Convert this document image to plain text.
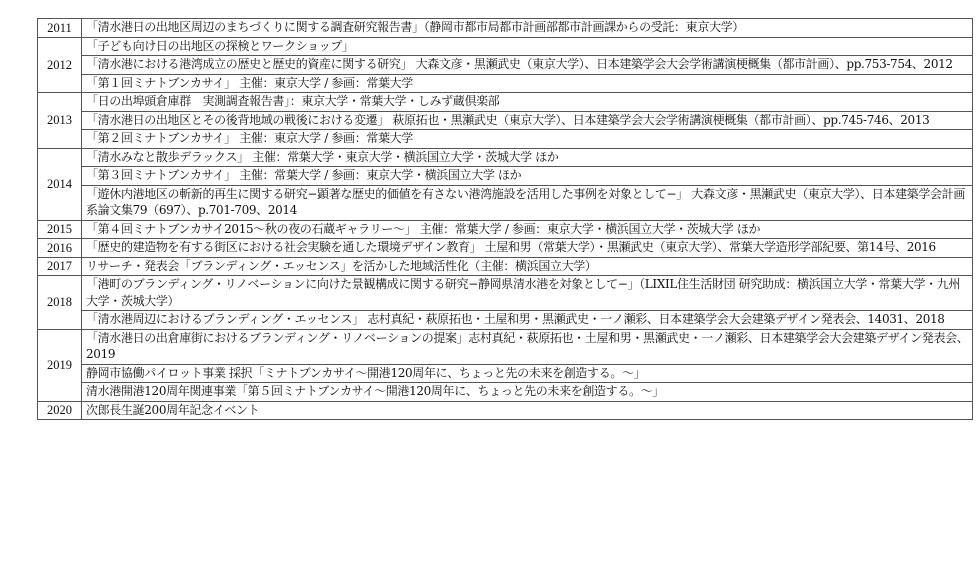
2011	「清水港日の出地区周辺のまちづくりに関する調査研究報告書」（静岡市都市局都市計画部都市計画課からの受託：東京大学）

2012	「子ども向け日の出地区の探検とワークショップ」
「清水港における港湾成立の歴史と歴史的資産に関する研究」 大森文彦・黒瀬武史（東京大学）、日本建築学会大会学術講演梗概集（都市計画）、pp.753-754、2012
「第１回ミナトブンカサイ」 主催：東京大学 / 参画：常葉大学

2013	「日の出埠頭倉庫群　実測調査報告書」：東京大学・常葉大学・しみず蔵倶楽部
「清水港日の出地区とその後背地域の戦後における変遷」 萩原拓也・黒瀬武史（東京大学）、日本建築学会大会学術講演梗概集（都市計画）、pp.745-746、2013
「第２回ミナトブンカサイ」 主催：東京大学 / 参画：常葉大学

2014	「清水みなと散歩デラックス」 主催：常葉大学・東京大学・横浜国立大学・茨城大学 ほか
「第３回ミナトブンカサイ」 主催：常葉大学 / 参画：東京大学・横浜国立大学 ほか
「遊休内港地区の斬新的再生に関する研究−顕著な歴史的価値を有さない港湾施設を活用した事例を対象として−」 大森文彦・黒瀬武史（東京大学）、日本建築学会計画系論文集79（697）、p.701-709、2014

2015	「第４回ミナトブンカサイ2015〜秋の夜の石蔵ギャラリー〜」 主催：常葉大学 / 参画：東京大学・横浜国立大学・茨城大学 ほか

2016	「歴史的建造物を有する街区における社会実験を通した環境デザイン教育」 土屋和男（常葉大学）・黒瀬武史（東京大学）、常葉大学造形学部紀要、第14号、2016

2017	リサーチ・発表会「ブランディング・エッセンス」を活かした地域活性化（主催：横浜国立大学）

2018	「港町のブランディング・リノベーションに向けた景観構成に関する研究−静岡県清水港を対象として−」（LIXIL住生活財団 研究助成：横浜国立大学・常葉大学・九州大学・茨城大学）
「清水港周辺におけるブランディング・エッセンス」 志村真紀・萩原拓也・土屋和男・黒瀬武史・一ノ瀬彩、日本建築学会大会建築デザイン発表会、14031、2018

2019	「清水港日の出倉庫街におけるブランディング・リノベーションの提案」志村真紀・萩原拓也・土屋和男・黒瀬武史・一ノ瀬彩、日本建築学会大会建築デザイン発表会、2019
静岡市協働パイロット事業 採択「ミナトブンカサイ〜開港120周年に、ちょっと先の未来を創造する。〜」
清水港開港120周年関連事業「第５回ミナトブンカサイ〜開港120周年に、ちょっと先の未来を創造する。〜」

2020	次郎長生誕200周年記念イベント
